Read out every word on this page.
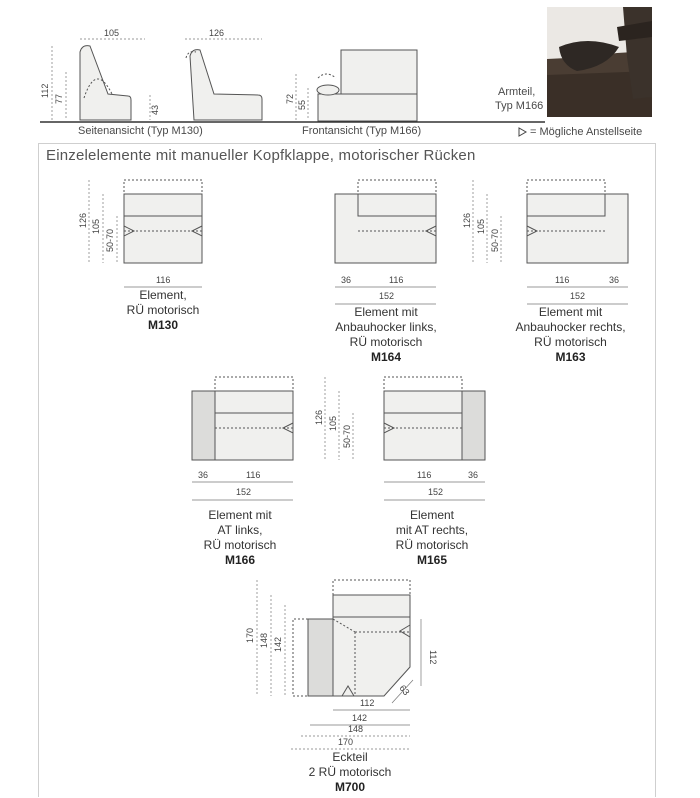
105	126
112
77
43
72
55
126 105
50-70
116	36	116
152
126 105
50-70
116	36
152
36	116
152
126 105
50-70
116	36
152
170 148 142
112
63
112
142
148
170
Seitenansicht (Typ M130)	Frontansicht (Typ M166)	= Mögliche Anstellseite
Armteil,
Typ M166
Einzelelemente mit manueller Kopfklappe, motorischer Rücken
Element,
RÜ motorisch
M130
Element mit
Anbauhocker links,
RÜ motorisch
M164
Element mit
Anbauhocker rechts,
RÜ motorisch
M163
Element mit
AT links,
RÜ motorisch
M166
Element
mit AT rechts,
RÜ motorisch
M165
Eckteil
2 RÜ motorisch
M700
